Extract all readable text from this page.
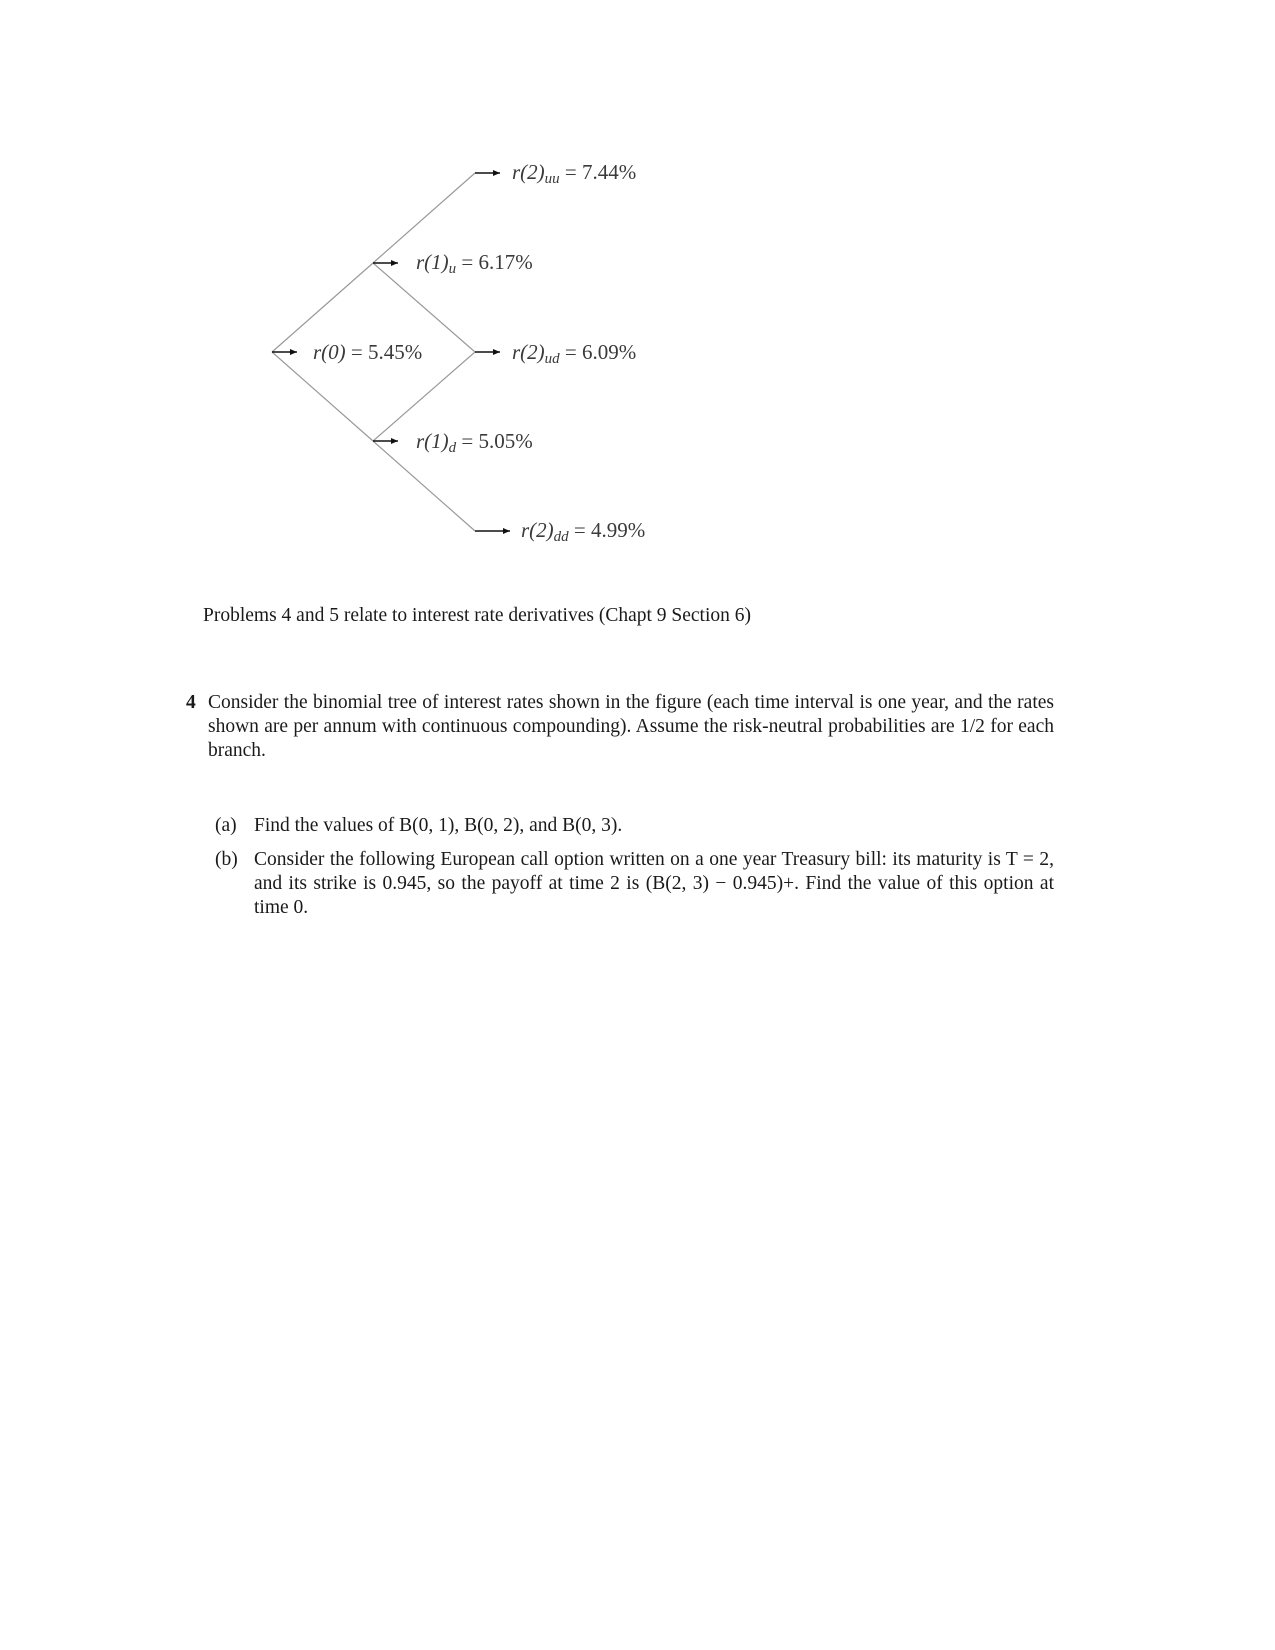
r(0) = 5.45%
$r(1)_u = 6.17\%$
$r(1)_d = 5.05\%$
$r(2)_{uu} = 7.44\%$
$r(2)_{ud} = 6.09\%$
$r(2)_{dd} = 4.99\%$
Problems 4 and 5 relate to interest rate derivatives (Chapt 9 Section 6)
4 Consider the binomial tree of interest rates shown in the figure (each time interval is one year, and the rates shown are per annum with continuous compounding). Assume the risk-neutral probabilities are 1/2 for each branch.
(a) Find the values of B(0, 1), B(0, 2), and B(0, 3).
(b) Consider the following European call option written on a one year Treasury bill: its maturity is T = 2, and its strike is 0.945, so the payoff at time 2 is (B(2, 3) − 0.945)+. Find the value of this option at time 0.
